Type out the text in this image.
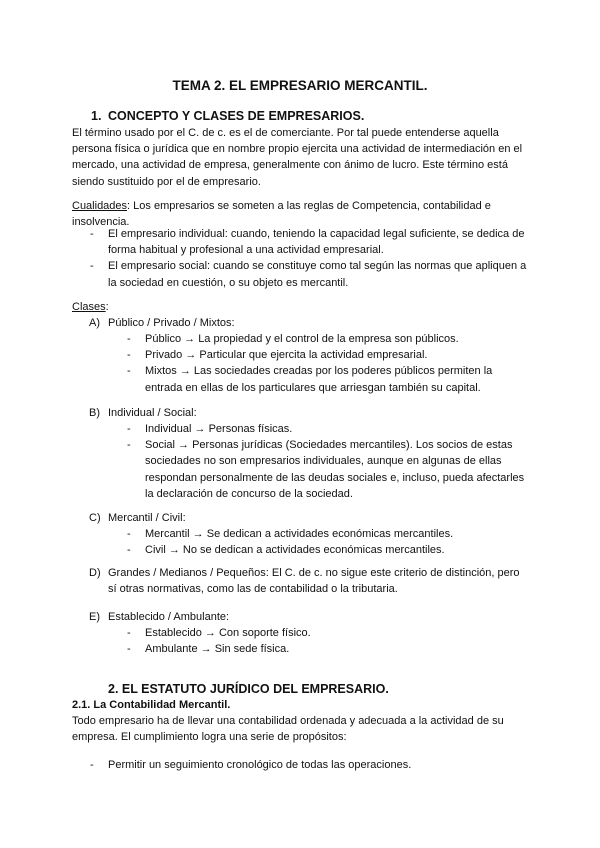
TEMA 2. EL EMPRESARIO MERCANTIL.
1. CONCEPTO Y CLASES DE EMPRESARIOS.

El término usado por el C. de c. es el de comerciante. Por tal puede entenderse aquella persona física o jurídica que en nombre propio ejercita una actividad de intermediación en el mercado, una actividad de empresa, generalmente con ánimo de lucro. Este término está siendo sustituido por el de empresario.

Cualidades: Los empresarios se someten a las reglas de Competencia, contabilidad e insolvencia.

- El empresario individual: cuando, teniendo la capacidad legal suficiente, se dedica de forma habitual y profesional a una actividad empresarial.
- El empresario social: cuando se constituye como tal según las normas que apliquen a la sociedad en cuestión, o su objeto es mercantil.

Clases:

A) Público / Privado / Mixtos:

- Público → La propiedad y el control de la empresa son públicos.
- Privado → Particular que ejercita la actividad empresarial.
- Mixtos → Las sociedades creadas por los poderes públicos permiten la entrada en ellas de los particulares que arriesgan también su capital.

B) Individual / Social:

- Individual → Personas físicas.
- Social → Personas jurídicas (Sociedades mercantiles). Los socios de estas sociedades no son empresarios individuales, aunque en algunas de ellas respondan personalmente de las deudas sociales e, incluso, pueda afectarles la declaración de concurso de la sociedad.

C) Mercantil / Civil:

- Mercantil → Se dedican a actividades económicas mercantiles.
- Civil → No se dedican a actividades económicas mercantiles.
D) Grandes / Medianos / Pequeños: El C. de c. no sigue este criterio de distinción, pero sí otras normativas, como las de contabilidad o la tributaria.

E) Establecido / Ambulante:

- Establecido → Con soporte físico.
- Ambulante → Sin sede física.
2. EL ESTATUTO JURÍDICO DEL EMPRESARIO.
2.1. La Contabilidad Mercantil.

Todo empresario ha de llevar una contabilidad ordenada y adecuada a la actividad de su empresa. El cumplimiento logra una serie de propósitos:

- Permitir un seguimiento cronológico de todas las operaciones.
